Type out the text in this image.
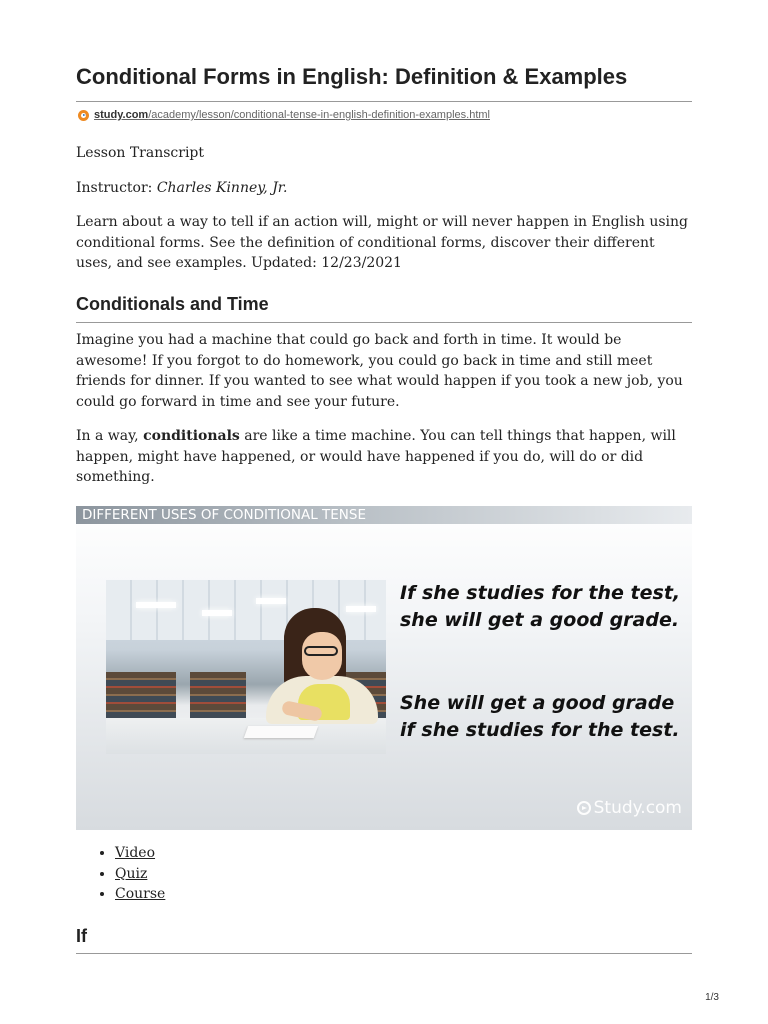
Conditional Forms in English: Definition & Examples
study.com/academy/lesson/conditional-tense-in-english-definition-examples.html

Lesson Transcript

Instructor: Charles Kinney, Jr.

Learn about a way to tell if an action will, might or will never happen in English using conditional forms. See the definition of conditional forms, discover their different uses, and see examples. Updated: 12/23/2021

Conditionals and Time

Imagine you had a machine that could go back and forth in time. It would be awesome! If you forgot to do homework, you could go back in time and still meet friends for dinner. If you wanted to see what would happen if you took a new job, you could go forward in time and see your future.

In a way, conditionals are like a time machine. You can tell things that happen, will happen, might have happened, or would have happened if you do, will do or did something.

DIFFERENT USES OF CONDITIONAL TENSE
If she studies for the test,
she will get a good grade.
She will get a good grade
if she studies for the test.
Study.com
• Video
• Quiz
• Course
If
1/3
